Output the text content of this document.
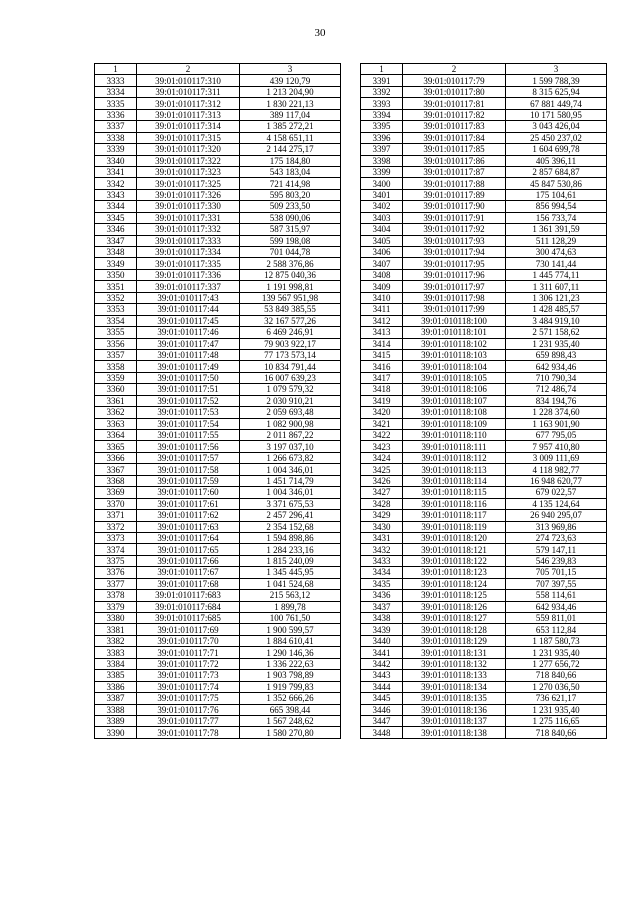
30
1	2	3
3333	39:01:010117:310	439 120,79
3334	39:01:010117:311	1 213 204,90
3335	39:01:010117:312	1 830 221,13
3336	39:01:010117:313	389 117,04
3337	39:01:010117:314	1 385 272,21
3338	39:01:010117:315	4 158 651,11
3339	39:01:010117:320	2 144 275,17
3340	39:01:010117:322	175 184,80
3341	39:01:010117:323	543 183,04
3342	39:01:010117:325	721 414,98
3343	39:01:010117:326	595 803,20
3344	39:01:010117:330	509 233,50
3345	39:01:010117:331	538 090,06
3346	39:01:010117:332	587 315,97
3347	39:01:010117:333	599 198,08
3348	39:01:010117:334	701 044,78
3349	39:01:010117:335	2 588 376,86
3350	39:01:010117:336	12 875 040,36
3351	39:01:010117:337	1 191 998,81
3352	39:01:010117:43	139 567 951,98
3353	39:01:010117:44	53 849 385,55
3354	39:01:010117:45	32 167 577,26
3355	39:01:010117:46	6 469 246,91
3356	39:01:010117:47	79 903 922,17
3357	39:01:010117:48	77 173 573,14
3358	39:01:010117:49	10 834 791,44
3359	39:01:010117:50	16 007 639,23
3360	39:01:010117:51	1 079 579,32
3361	39:01:010117:52	2 030 910,21
3362	39:01:010117:53	2 059 693,48
3363	39:01:010117:54	1 082 900,98
3364	39:01:010117:55	2 011 867,22
3365	39:01:010117:56	3 197 037,10
3366	39:01:010117:57	1 266 673,82
3367	39:01:010117:58	1 004 346,01
3368	39:01:010117:59	1 451 714,79
3369	39:01:010117:60	1 004 346,01
3370	39:01:010117:61	3 371 675,53
3371	39:01:010117:62	2 457 296,41
3372	39:01:010117:63	2 354 152,68
3373	39:01:010117:64	1 594 898,86
3374	39:01:010117:65	1 284 233,16
3375	39:01:010117:66	1 815 240,09
3376	39:01:010117:67	1 345 445,95
3377	39:01:010117:68	1 041 524,68
3378	39:01:010117:683	215 563,12
3379	39:01:010117:684	1 899,78
3380	39:01:010117:685	100 761,50
3381	39:01:010117:69	1 900 599,57
3382	39:01:010117:70	1 884 610,41
3383	39:01:010117:71	1 290 146,36
3384	39:01:010117:72	1 336 222,63
3385	39:01:010117:73	1 903 798,89
3386	39:01:010117:74	1 919 799,83
3387	39:01:010117:75	1 352 666,26
3388	39:01:010117:76	665 398,44
3389	39:01:010117:77	1 567 248,62
3390	39:01:010117:78	1 580 270,80
1	2	3
3391	39:01:010117:79	1 599 788,39
3392	39:01:010117:80	8 315 625,94
3393	39:01:010117:81	67 881 449,74
3394	39:01:010117:82	10 171 580,95
3395	39:01:010117:83	3 043 426,04
3396	39:01:010117:84	25 450 237,02
3397	39:01:010117:85	1 604 699,78
3398	39:01:010117:86	405 396,11
3399	39:01:010117:87	2 857 684,87
3400	39:01:010117:88	45 847 530,86
3401	39:01:010117:89	175 104,61
3402	39:01:010117:90	856 994,54
3403	39:01:010117:91	156 733,74
3404	39:01:010117:92	1 361 391,59
3405	39:01:010117:93	511 128,29
3406	39:01:010117:94	300 474,63
3407	39:01:010117:95	730 141,44
3408	39:01:010117:96	1 445 774,11
3409	39:01:010117:97	1 311 607,11
3410	39:01:010117:98	1 306 121,23
3411	39:01:010117:99	1 428 485,57
3412	39:01:010118:100	3 484 919,10
3413	39:01:010118:101	2 571 158,62
3414	39:01:010118:102	1 231 935,40
3415	39:01:010118:103	659 898,43
3416	39:01:010118:104	642 934,46
3417	39:01:010118:105	710 790,34
3418	39:01:010118:106	712 486,74
3419	39:01:010118:107	834 194,76
3420	39:01:010118:108	1 228 374,60
3421	39:01:010118:109	1 163 901,90
3422	39:01:010118:110	677 795,05
3423	39:01:010118:111	7 957 410,80
3424	39:01:010118:112	3 009 111,69
3425	39:01:010118:113	4 118 982,77
3426	39:01:010118:114	16 948 620,77
3427	39:01:010118:115	679 022,57
3428	39:01:010118:116	4 135 124,64
3429	39:01:010118:117	26 940 295,07
3430	39:01:010118:119	313 969,86
3431	39:01:010118:120	274 723,63
3432	39:01:010118:121	579 147,11
3433	39:01:010118:122	546 239,83
3434	39:01:010118:123	705 701,15
3435	39:01:010118:124	707 397,55
3436	39:01:010118:125	558 114,61
3437	39:01:010118:126	642 934,46
3438	39:01:010118:127	559 811,01
3439	39:01:010118:128	653 112,84
3440	39:01:010118:129	1 187 580,73
3441	39:01:010118:131	1 231 935,40
3442	39:01:010118:132	1 277 656,72
3443	39:01:010118:133	718 840,66
3444	39:01:010118:134	1 270 036,50
3445	39:01:010118:135	736 621,17
3446	39:01:010118:136	1 231 935,40
3447	39:01:010118:137	1 275 116,65
3448	39:01:010118:138	718 840,66
